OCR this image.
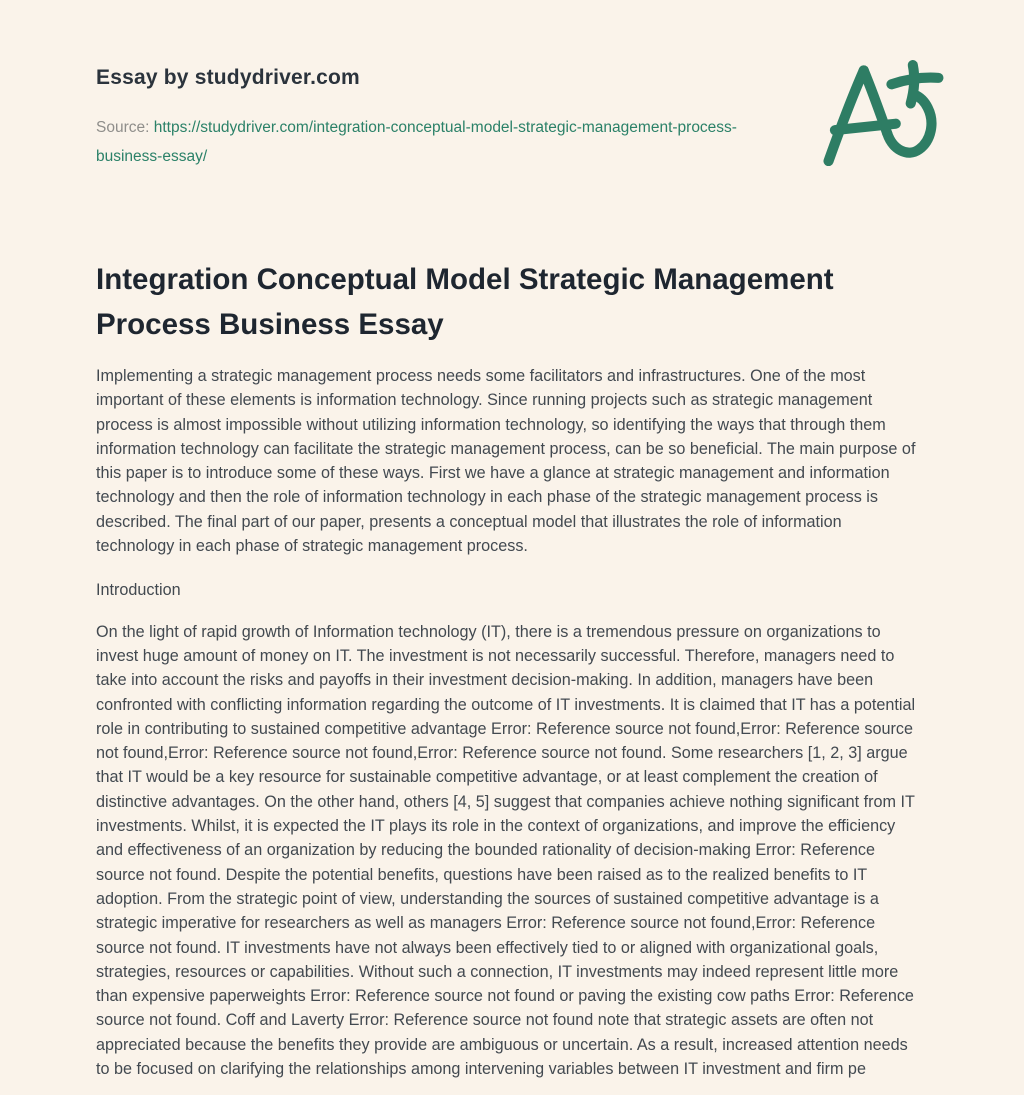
Essay by studydriver.com

Source: https://studydriver.com/integration-conceptual-model-strategic-management-process-business-essay/

Integration Conceptual Model Strategic Management Process Business Essay

Implementing a strategic management process needs some facilitators and infrastructures. One of the most important of these elements is information technology. Since running projects such as strategic management process is almost impossible without utilizing information technology, so identifying the ways that through them information technology can facilitate the strategic management process, can be so beneficial. The main purpose of this paper is to introduce some of these ways. First we have a glance at strategic management and information technology and then the role of information technology in each phase of the strategic management process is described. The final part of our paper, presents a conceptual model that illustrates the role of information technology in each phase of strategic management process.

Introduction

On the light of rapid growth of Information technology (IT), there is a tremendous pressure on organizations to invest huge amount of money on IT. The investment is not necessarily successful. Therefore, managers need to take into account the risks and payoffs in their investment decision-making. In addition, managers have been confronted with conflicting information regarding the outcome of IT investments. It is claimed that IT has a potential role in contributing to sustained competitive advantage Error: Reference source not found,Error: Reference source not found,Error: Reference source not found,Error: Reference source not found. Some researchers [1, 2, 3] argue that IT would be a key resource for sustainable competitive advantage, or at least complement the creation of distinctive advantages. On the other hand, others [4, 5] suggest that companies achieve nothing significant from IT investments. Whilst, it is expected the IT plays its role in the context of organizations, and improve the efficiency and effectiveness of an organization by reducing the bounded rationality of decision-making Error: Reference source not found. Despite the potential benefits, questions have been raised as to the realized benefits to IT adoption. From the strategic point of view, understanding the sources of sustained competitive advantage is a strategic imperative for researchers as well as managers Error: Reference source not found,Error: Reference source not found. IT investments have not always been effectively tied to or aligned with organizational goals, strategies, resources or capabilities. Without such a connection, IT investments may indeed represent little more than expensive paperweights Error: Reference source not found or paving the existing cow paths Error: Reference source not found. Coff and Laverty Error: Reference source not found note that strategic assets are often not appreciated because the benefits they provide are ambiguous or uncertain. As a result, increased attention needs to be focused on clarifying the relationships among intervening variables between IT investment and firm pe
